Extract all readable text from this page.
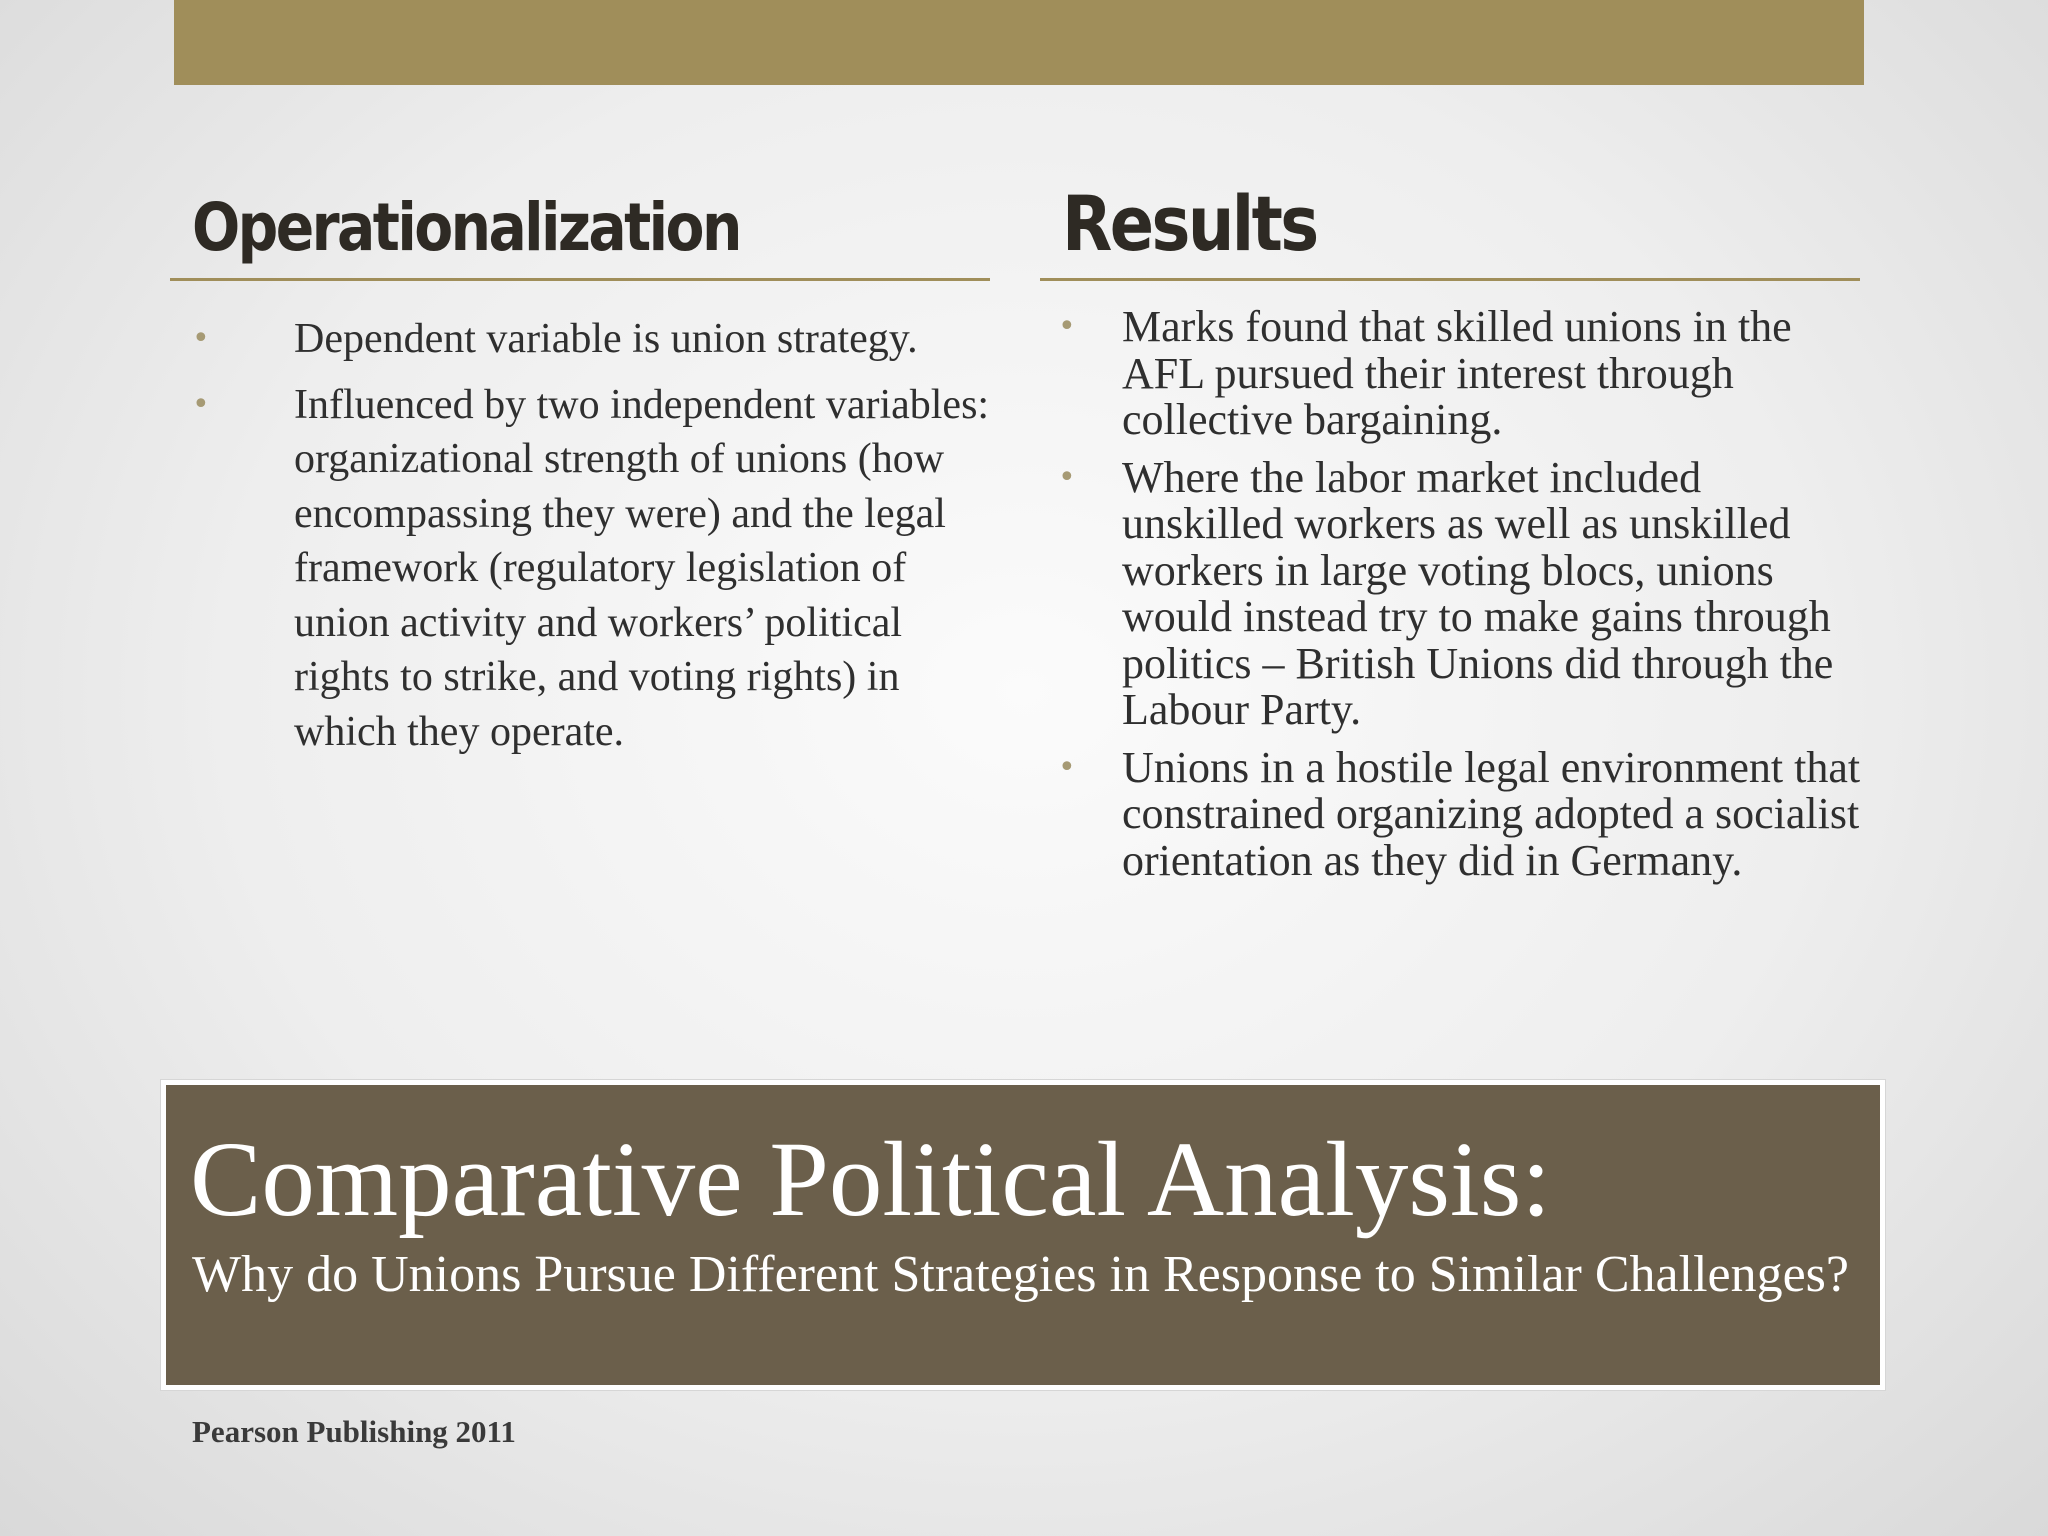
Operationalization	Results
• Dependent variable is union strategy.
• Influenced by two independent variables: organizational strength of unions (how encompassing they were) and the legal framework (regulatory legislation of union activity and workers’ political rights to strike, and voting rights) in which they operate.
• Marks found that skilled unions in the AFL pursued their interest through collective bargaining.
• Where the labor market included unskilled workers as well as unskilled workers in large voting blocs, unions would instead try to make gains through politics – British Unions did through the Labour Party.
• Unions in a hostile legal environment that constrained organizing adopted a socialist orientation as they did in Germany.
Comparative Political Analysis:
Why do Unions Pursue Different Strategies in Response to Similar Challenges?
Pearson Publishing 2011
